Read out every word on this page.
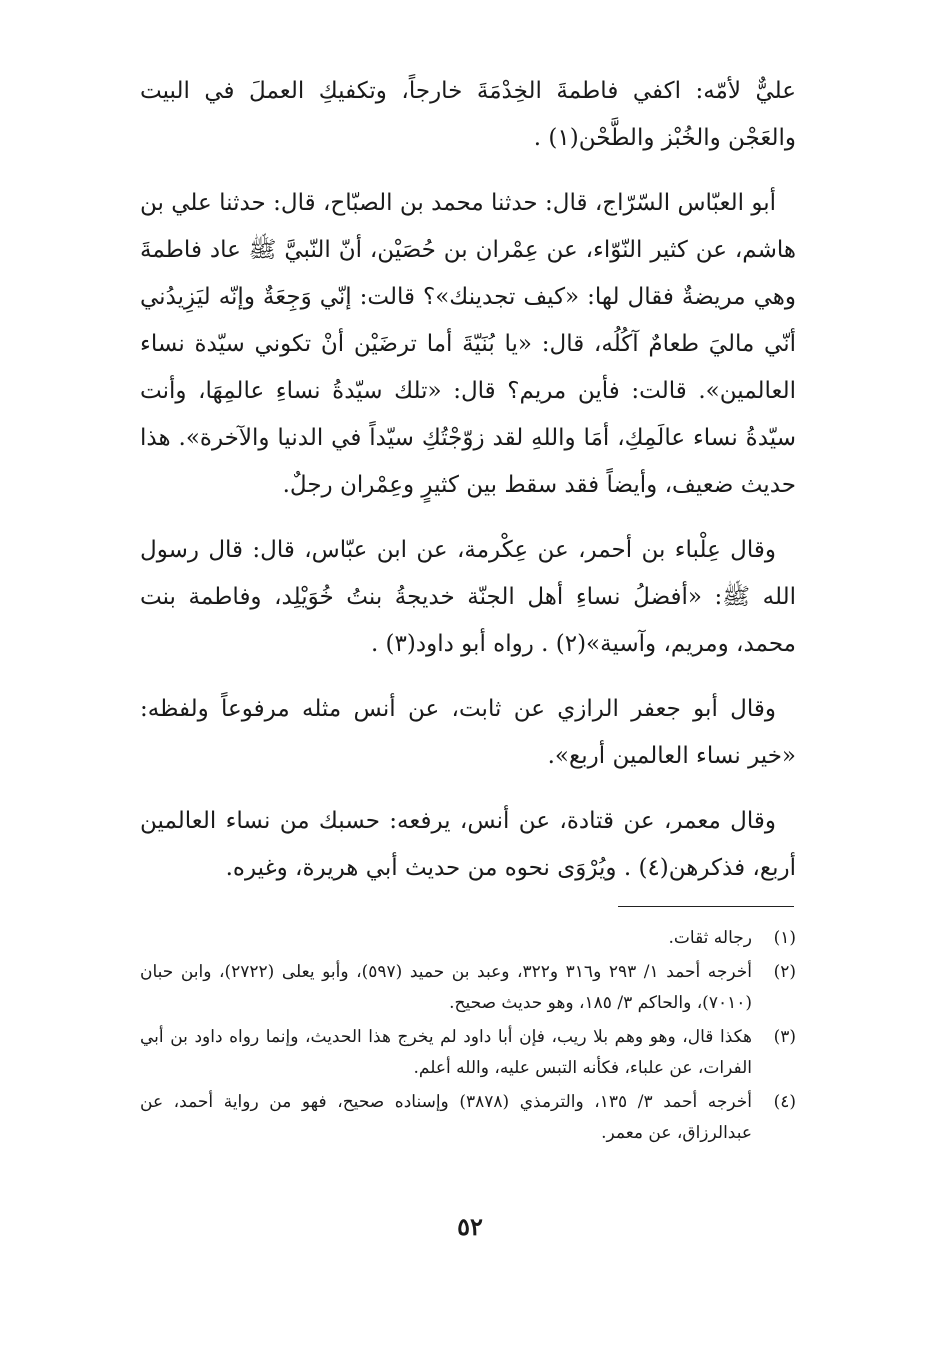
عليٌّ لأمّه: اكفي فاطمةَ الخِدْمَةَ خارجاً، وتكفيكِ العملَ في البيت والعَجْن والخُبْز والطَّحْن(١) .

أبو العبّاس السّرّاج، قال: حدثنا محمد بن الصبّاح، قال: حدثنا علي بن هاشم، عن كثير النّوّاء، عن عِمْران بن حُصَيْن، أنّ النّبيَّ ﷺ عاد فاطمةَ وهي مريضةٌ فقال لها: «كيف تجدينك»؟ قالت: إنّي وَجِعَةٌ وإنّه ليَزِيدُني أنّي ماليَ طعامٌ آكُلُه، قال: «يا بُنَيّةَ أما ترضَيْن أنْ تكوني سيّدة نساء العالمين». قالت: فأين مريم؟ قال: «تلك سيّدةُ نساءِ عالمِهَا، وأنت سيّدةُ نساء عالَمِكِ، أمَا واللهِ لقد زوّجْتُكِ سيّداً في الدنيا والآخرة». هذا حديث ضعيف، وأيضاً فقد سقط بين كثيرٍ وعِمْران رجلٌ.

وقال عِلْباء بن أحمر، عن عِكْرمة، عن ابن عبّاس، قال: قال رسول الله ﷺ: «أفضلُ نساءِ أهل الجنّة خديجةُ بنتُ خُوَيْلِد، وفاطمة بنت محمد، ومريم، وآسية»(٢) . رواه أبو داود(٣) .

وقال أبو جعفر الرازي عن ثابت، عن أنس مثله مرفوعاً ولفظه: «خير نساء العالمين أربع».

وقال معمر، عن قتادة، عن أنس، يرفعه: حسبك من نساء العالمين أربع، فذكرهن(٤) . ويُرْوَى نحوه من حديث أبي هريرة، وغيره.

(١)
رجاله ثقات.
(٢)
أخرجه أحمد ١/ ٢٩٣ و٣١٦ و٣٢٢، وعبد بن حميد (٥٩٧)، وأبو يعلى (٢٧٢٢)، وابن حبان (٧٠١٠)، والحاكم ٣/ ١٨٥، وهو حديث صحيح.
(٣)
هكذا قال، وهو وهم بلا ريب، فإن أبا داود لم يخرج هذا الحديث، وإنما رواه داود بن أبي الفرات، عن علباء، فكأنه التبس عليه، والله أعلم.
(٤)
أخرجه أحمد ٣/ ١٣٥، والترمذي (٣٨٧٨) وإسناده صحيح، فهو من رواية أحمد، عن عبدالرزاق، عن معمر.
٥٢
